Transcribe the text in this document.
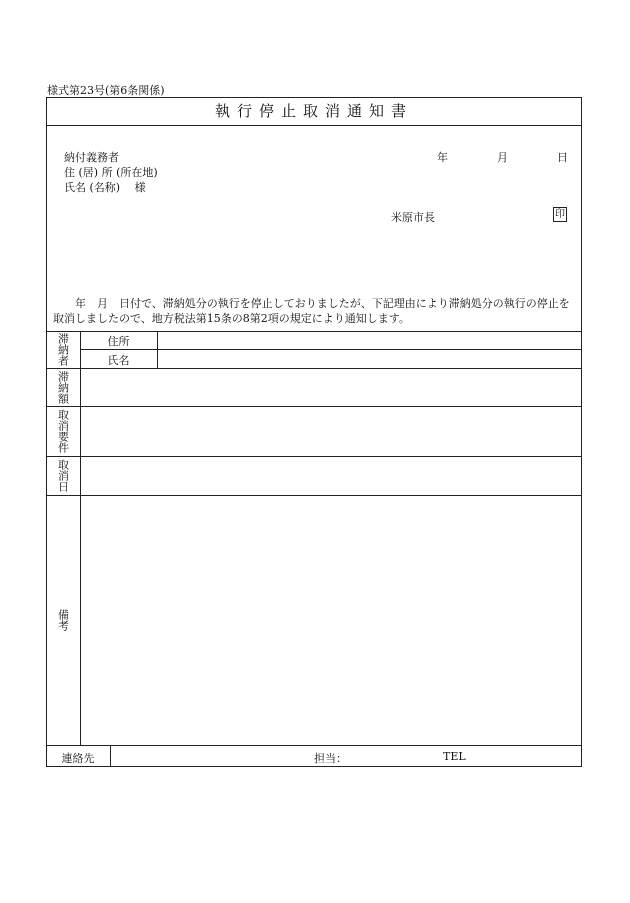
様式第23号(第6条関係)
執行停止取消通知書
納付義務者
住 (居) 所 (所在地)
氏名 (名称)　 様
年	月	日
米原市長	印
年　月　日付で、滞納処分の執行を停止しておりましたが、下記理由により滞納処分の執行の停止を取消しましたので、地方税法第15条の8第2項の規定により通知します。
滞納者	住所
氏名
滞納額
取消要件
取消日
備考
連絡先	担当：	TEL
